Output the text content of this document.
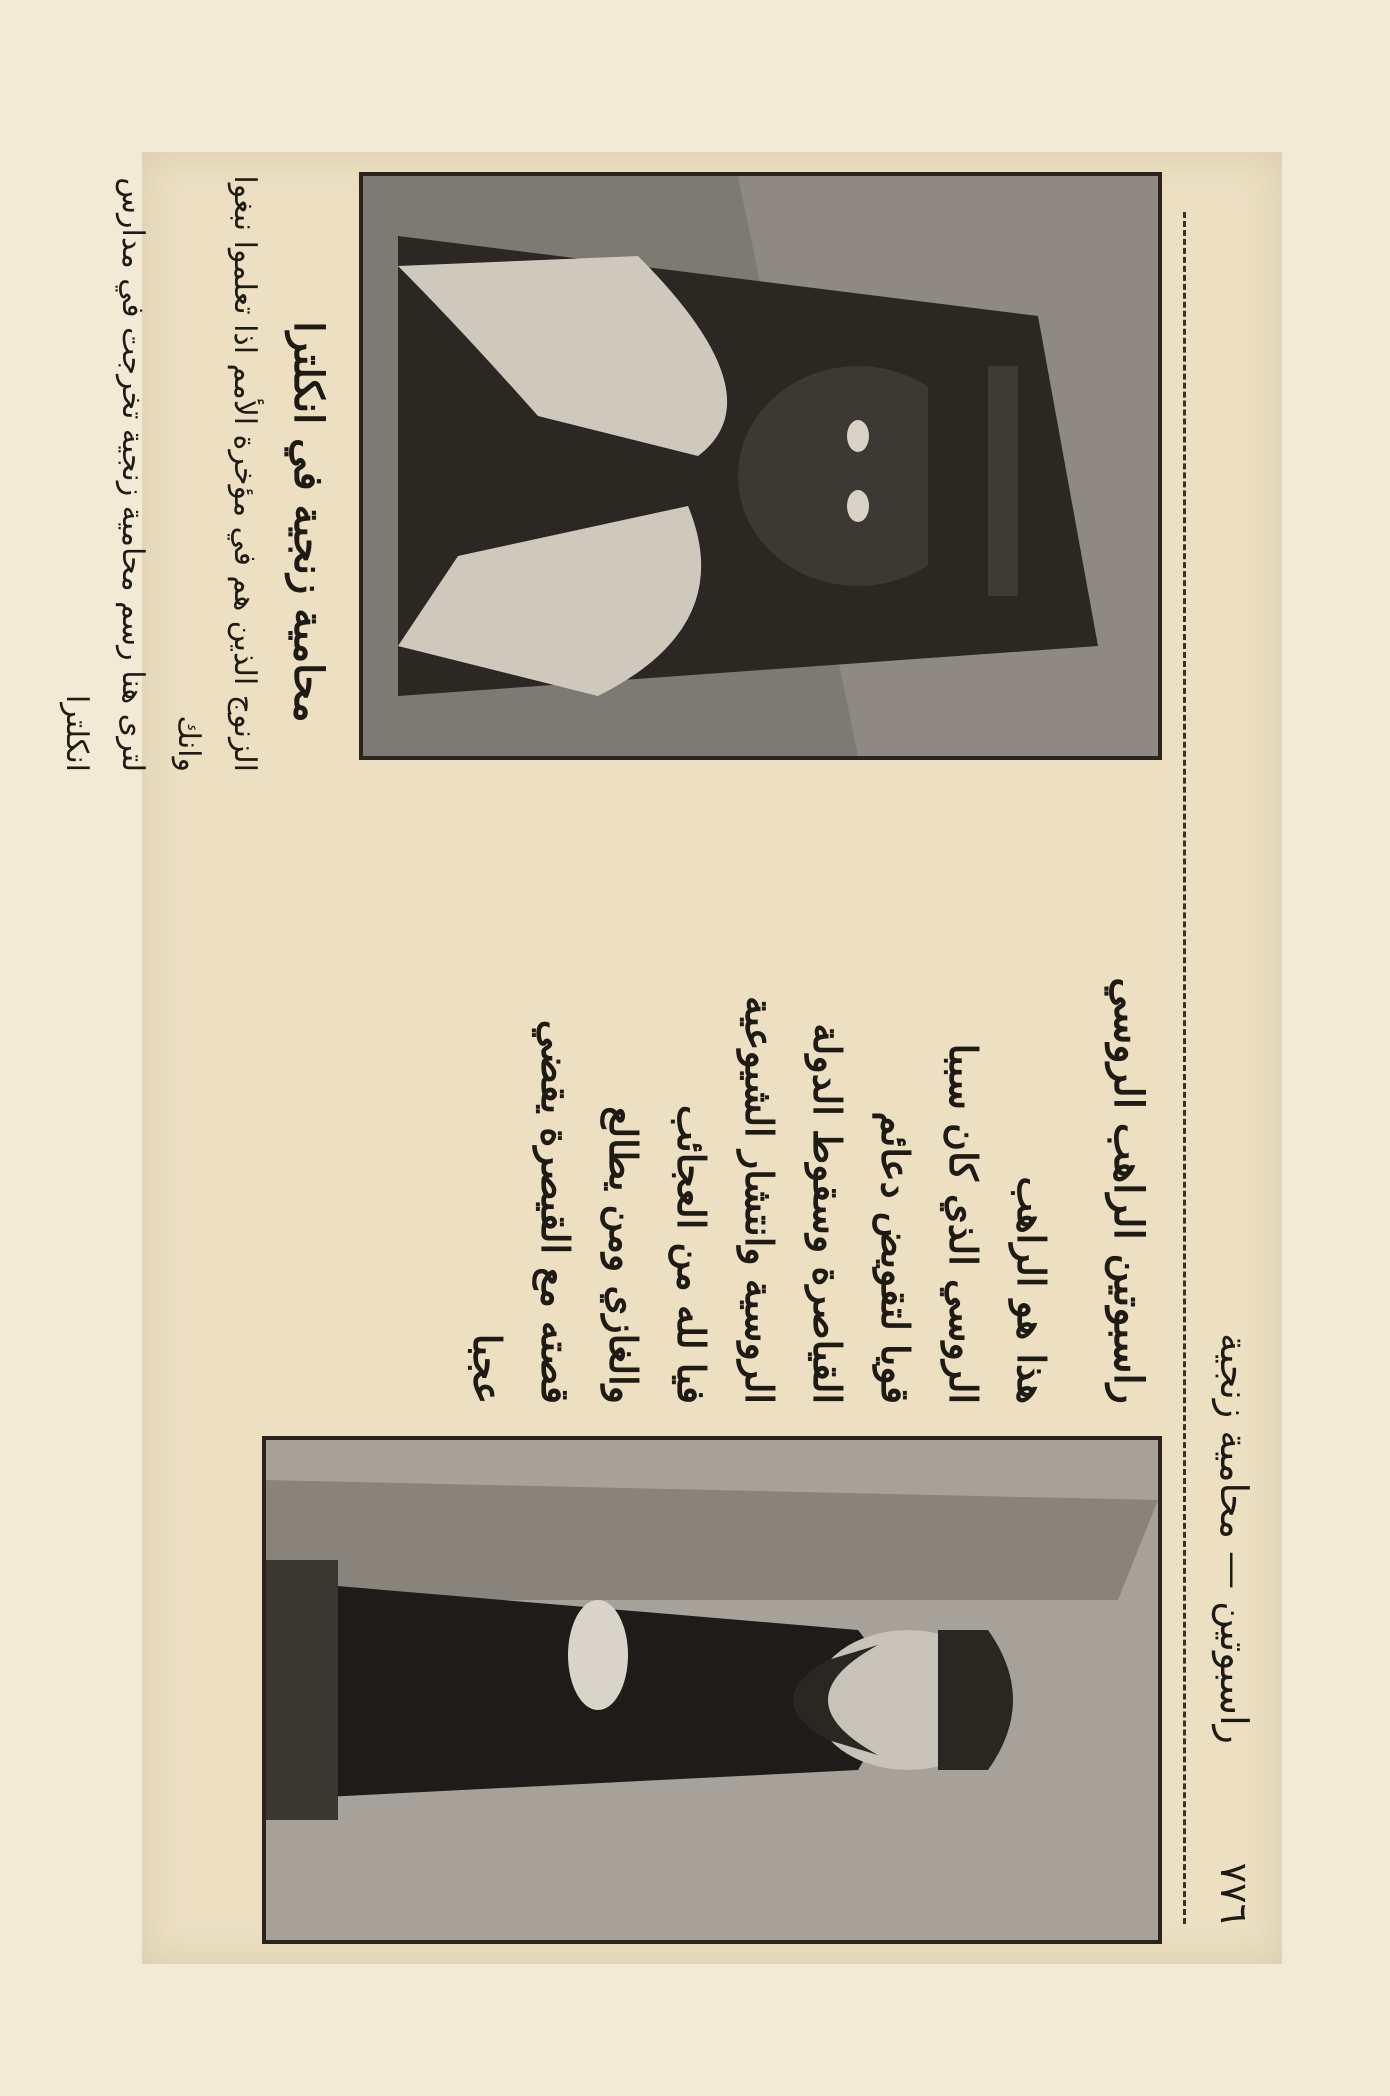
٧٧٦
راسبوتين — محامية زنجية
راسبوتين الراهب الروسي

هذا هو الراهب

الروسي الذي كان سببا

قويا لتقويض دعائم

القياصرة وسقوط الدولة

الروسية وانتشار الشيوعية

فيا لله من العجائب

والغازي ومن يطالع

قصته مع القيصرة يقضي

عجبا

محامية زنجية في انكلترا

الزنوج الذين هم في مؤخرة الأمم اذا تعلموا نبغوا وانك

لترى هنا رسم محامية زنجية تخرجت في مدارس انكلترا
